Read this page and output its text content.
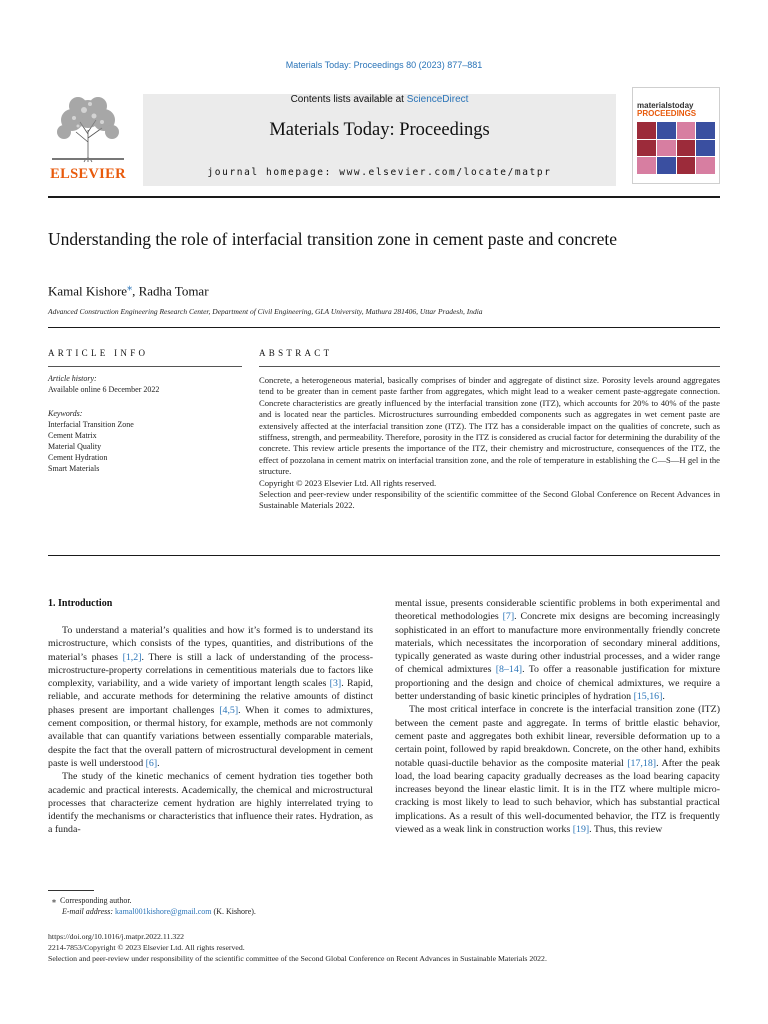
Materials Today: Proceedings 80 (2023) 877–881
ELSEVIER
Contents lists available at ScienceDirect
Materials Today: Proceedings
journal homepage: www.elsevier.com/locate/matpr
materialstoday
PROCEEDINGS
Understanding the role of interfacial transition zone in cement paste and concrete
Kamal Kishore⁎, Radha Tomar
Advanced Construction Engineering Research Center, Department of Civil Engineering, GLA University, Mathura 281406, Uttar Pradesh, India
ARTICLE INFO
Article history:
Available online 6 December 2022
Keywords:
Interfacial Transition Zone
Cement Matrix
Material Quality
Cement Hydration
Smart Materials
ABSTRACT

Concrete, a heterogeneous material, basically comprises of binder and aggregate of distinct size. Porosity levels around aggregates tend to be greater than in cement paste farther from aggregates, which might lead to a weaker cement paste-aggregate connection. Concrete characteristics are greatly influenced by the interfacial transition zone (ITZ), which accounts for 20% to 40% of the paste and is located near the particles. Microstructures surrounding embedded components such as aggregates in wet cement paste are extensively affected at the interfacial transition zone (ITZ). The ITZ has a considerable impact on the qualities of concrete, such as stiffness, strength, and permeability. Therefore, porosity in the ITZ is considered as crucial factor for determining the durability of the concrete. This review article presents the importance of the ITZ, their chemistry and microstructure, consequences of the ITZ, the effect of pozzolana in cement matrix on interfacial transition zone, and the role of temperature in establishing the C—S—H gel in the structure.

Copyright © 2023 Elsevier Ltd. All rights reserved.

Selection and peer-review under responsibility of the scientific committee of the Second Global Conference on Recent Advances in Sustainable Materials 2022.

1. Introduction

To understand a material’s qualities and how it’s formed is to understand its microstructure, which consists of the types, quantities, and distributions of the material’s phases [1,2]. There is still a lack of understanding of the process-microstructure-property correlations in cementitious materials due to factors like complexity, variability, and a wide variety of important length scales [3]. Rapid, reliable, and accurate methods for determining the relative amounts of distinct phases present are important challenges [4,5]. When it comes to admixtures, cement composition, or thermal history, for example, methods are not commonly available that can quantify variations between essentially comparable materials, despite the fact that the overall pattern of microstructural development in cement paste is well understood [6].

The study of the kinetic mechanics of cement hydration ties together both academic and practical interests. Academically, the chemical and microstructural processes that characterize cement hydration are highly interrelated trying to identify the mechanisms or characteristics that influence their rates. Hydration, as a funda-

mental issue, presents considerable scientific problems in both experimental and theoretical methodologies [7]. Concrete mix designs are becoming increasingly sophisticated in an effort to manufacture more environmentally friendly concrete materials, which necessitates the incorporation of secondary mineral additions, typically generated as waste during other industrial processes, and a wider range of chemical admixtures [8–14]. To offer a reasonable justification for mixture proportioning and the design and choice of chemical admixtures, we require a better understanding of basic kinetic principles of hydration [15,16].

The most critical interface in concrete is the interfacial transition zone (ITZ) between the cement paste and aggregate. In terms of brittle elastic behavior, cement paste and aggregates both exhibit linear, reversible deformation up to a certain point, followed by rapid breakdown. Concrete, on the other hand, exhibits notable quasi-ductile behavior as the composite material [17,18]. After the peak load, the load bearing capacity gradually decreases as the load bearing capacity increases beyond the linear elastic limit. It is in the ITZ where multiple micro-cracking is most likely to lead to such behavior, which has substantial practical implications. As a result of this well-documented behavior, the ITZ is frequently viewed as a weak link in construction works [19]. Thus, this review

⁎ Corresponding author.
E-mail address: kamal001kishore@gmail.com (K. Kishore).
https://doi.org/10.1016/j.matpr.2022.11.322
2214-7853/Copyright © 2023 Elsevier Ltd. All rights reserved.
Selection and peer-review under responsibility of the scientific committee of the Second Global Conference on Recent Advances in Sustainable Materials 2022.
